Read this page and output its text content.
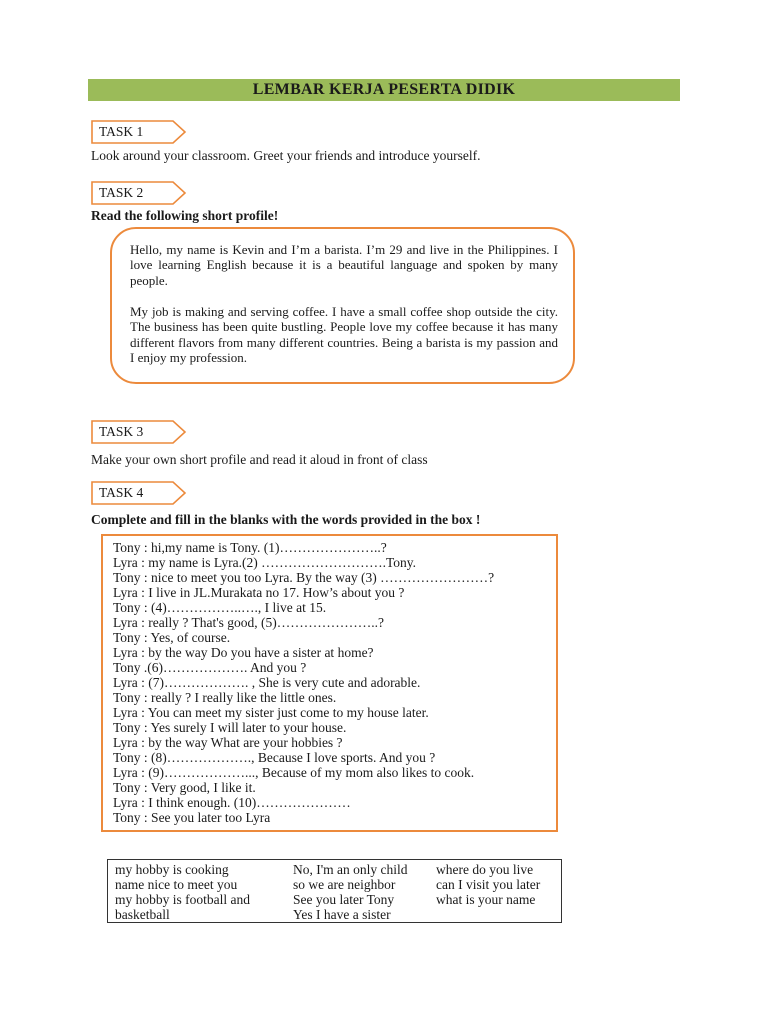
LEMBAR KERJA PESERTA DIDIK
TASK 1
Look around your classroom. Greet your friends and introduce yourself.
TASK 2
Read the following short profile!

Hello, my name is Kevin and I’m a barista. I’m 29 and live in the Philippines. I love learning English because it is a beautiful language and spoken by many people.

My job is making and serving coffee. I have a small coffee shop outside the city. The business has been quite bustling. People love my coffee because it has many different flavors from many different countries. Being a barista is my passion and I enjoy my profession.

TASK 3
Make your own short profile and read it aloud in front of class
TASK 4
Complete and fill in the blanks with the words provided in the box !
Tony : hi,my name is Tony. (1)…………………..?
Lyra : my name is Lyra.(2) ……………………….Tony.
Tony : nice to meet you too Lyra. By the way (3) ……………………?
Lyra : I live in JL.Murakata no 17. How’s about you ?
Tony : (4)……………..…., I live at 15.
Lyra : really ? That's good, (5)…………………..?
Tony : Yes, of course.
Lyra : by the way Do you have a sister at home?
Tony .(6)………………. And you ?
Lyra : (7)………………. , She is very cute and adorable.
Tony : really ? I really like the little ones.
Lyra : You can meet my sister just come to my house later.
Tony : Yes surely I will later to your house.
Lyra : by the way What are your hobbies ?
Tony : (8)………………., Because I love sports. And you ?
Lyra : (9)………………..., Because of my mom also likes to cook.
Tony : Very good, I like it.
Lyra : I think enough. (10)…………………
Tony : See you later too Lyra
my hobby is cooking
name nice to meet you
my hobby is football and
basketball
No, I'm an only child
so we are neighbor
See you later Tony
Yes I have a sister
where do you live
can I visit you later
what is your name
